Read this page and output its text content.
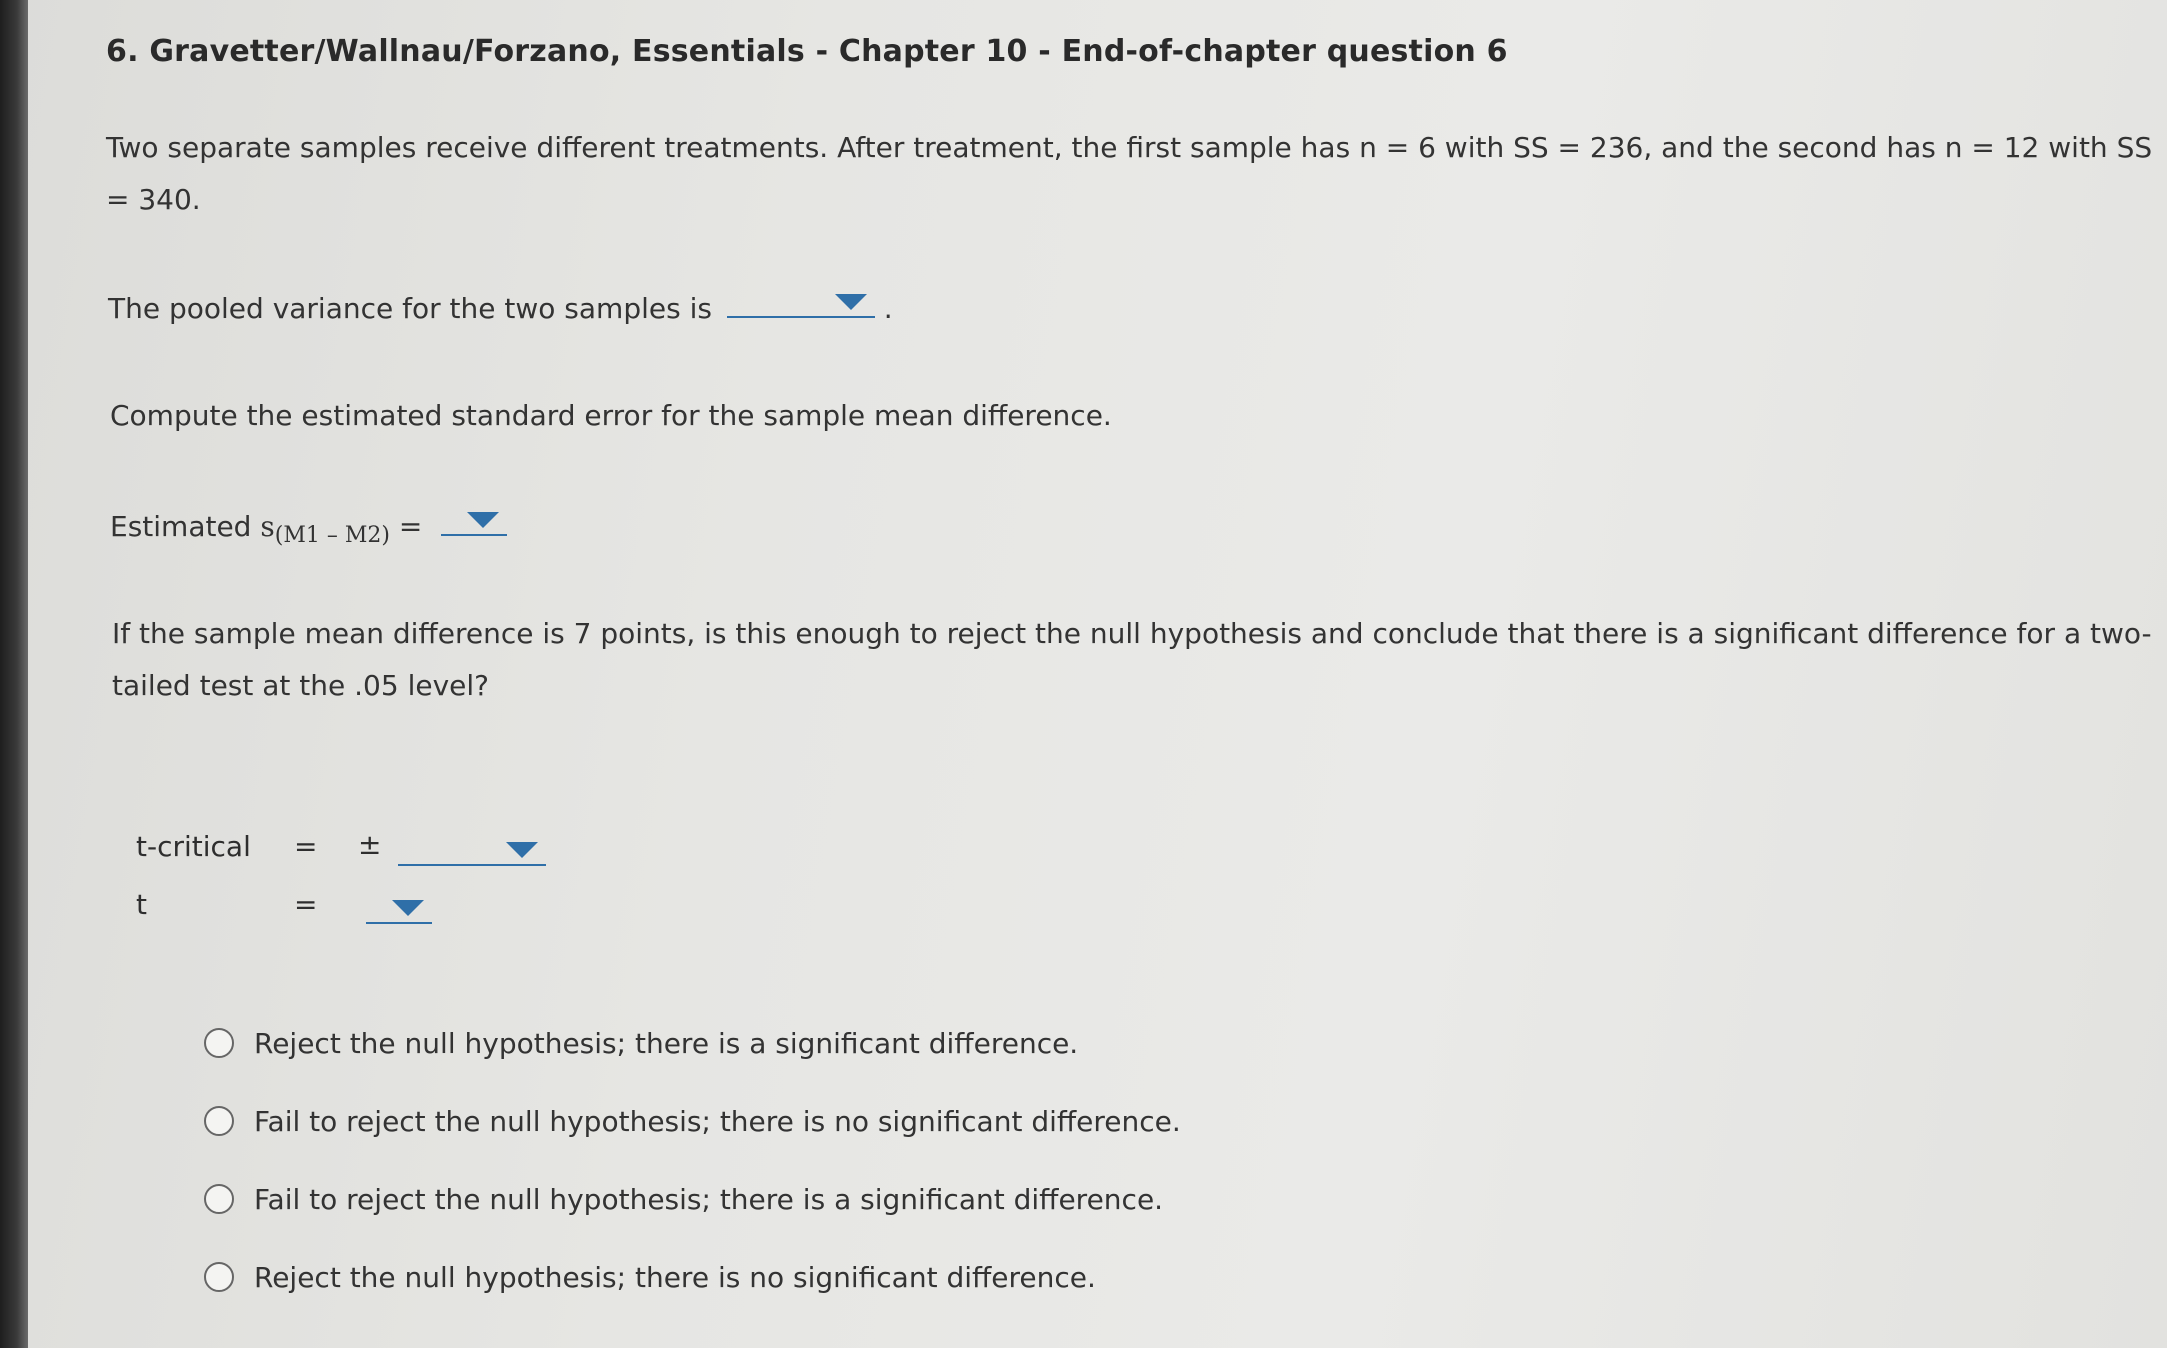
6. Gravetter/Wallnau/Forzano, Essentials - Chapter 10 - End-of-chapter question 6
Two separate samples receive different treatments. After treatment, the first sample has n = 6 with SS = 236, and the second has n = 12 with SS = 340.
The pooled variance for the two samples is	.
Compute the estimated standard error for the sample mean difference.
Estimated $s_{(M1 - M2)}$ =
If the sample mean difference is 7 points, is this enough to reject the null hypothesis and conclude that there is a significant difference for a two-tailed test at the .05 level?
t-critical = ±
t	=
Reject the null hypothesis; there is a significant difference.
Fail to reject the null hypothesis; there is no significant difference.
Fail to reject the null hypothesis; there is a significant difference.
Reject the null hypothesis; there is no significant difference.
